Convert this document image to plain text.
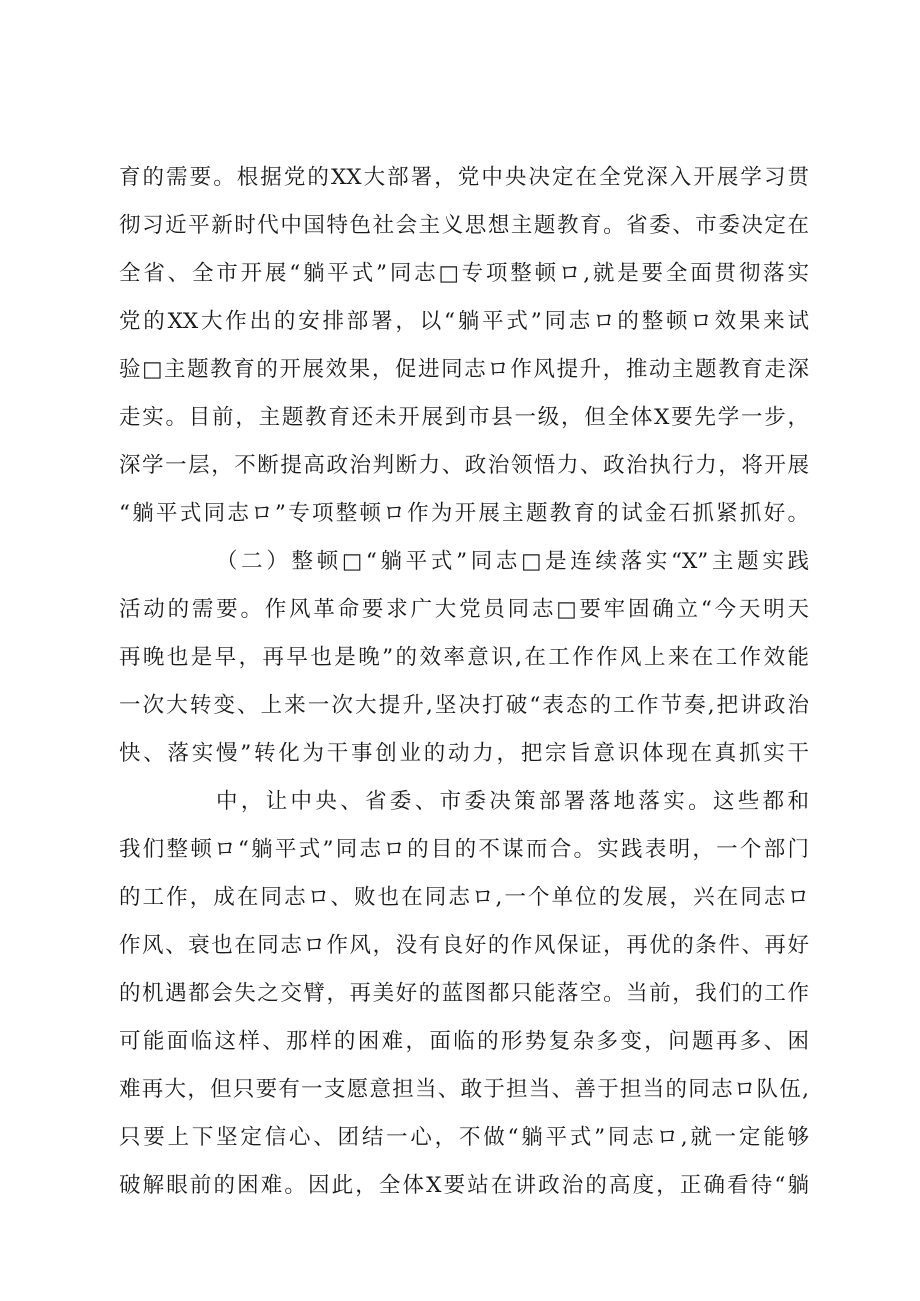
育的需要。根据党的XX大部署，党中央决定在全党深入开展学习贯
彻习近平新时代中国特色社会主义思想主题教育。省委、市委决定在
全省、全市开展“躺平式”同志□专项整顿ロ,就是要全面贯彻落实
党的XX大作出的安排部署，以“躺平式”同志ロ的整顿ロ效果来试
验□主题教育的开展效果，促进同志ロ作风提升，推动主题教育走深
走实。目前，主题教育还未开展到市县一级，但全体X要先学一步，
深学一层，不断提高政治判断力、政治领悟力、政治执行力，将开展
“躺平式同志ロ”专项整顿ロ作为开展主题教育的试金石抓紧抓好。
（二）整顿□“躺平式”同志□是连续落实“X”主题实践
活动的需要。作风革命要求广大党员同志□要牢固确立“今天明天
再晚也是早，再早也是晚”的效率意识,在工作作风上来在工作效能
一次大转变、上来一次大提升,坚决打破“表态的工作节奏,把讲政治
快、落实慢”转化为干事创业的动力，把宗旨意识体现在真抓实干
中，让中央、省委、市委决策部署落地落实。这些都和
我们整顿ロ“躺平式”同志ロ的目的不谋而合。实践表明，一个部门
的工作，成在同志ロ、败也在同志ロ,一个单位的发展，兴在同志ロ
作风、衰也在同志ロ作风，没有良好的作风保证，再优的条件、再好
的机遇都会失之交臂，再美好的蓝图都只能落空。当前，我们的工作
可能面临这样、那样的困难，面临的形势复杂多变，问题再多、困
难再大，但只要有一支愿意担当、敢于担当、善于担当的同志ロ队伍,
只要上下坚定信心、团结一心，不做“躺平式”同志ロ,就一定能够
破解眼前的困难。因此，全体X要站在讲政治的高度，正确看待“躺
